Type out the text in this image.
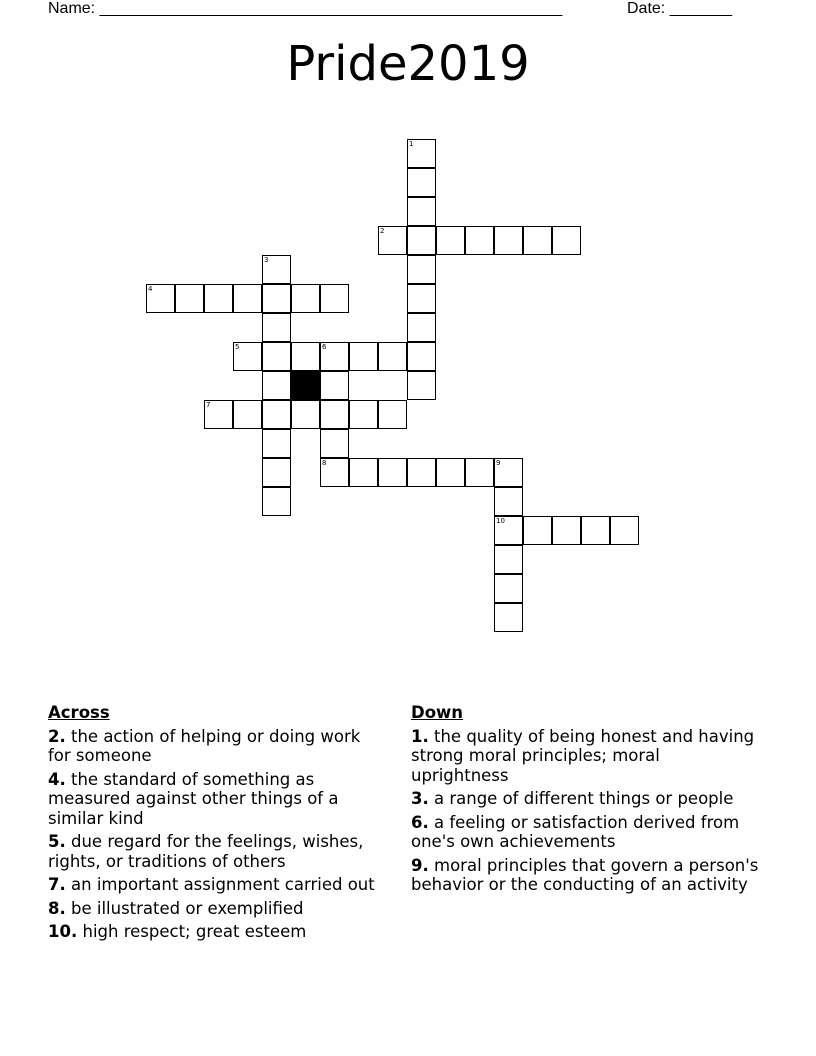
Name: ____________________________________________________	Date: _______
Pride2019
1
2
3
4
5	6
7
8	9
10
Across
2. the action of helping or doing work for someone
4. the standard of something as measured against other things of a similar kind
5. due regard for the feelings, wishes, rights, or traditions of others
7. an important assignment carried out
8. be illustrated or exemplified
10. high respect; great esteem
Down
1. the quality of being honest and having strong moral principles; moral uprightness
3. a range of different things or people
6. a feeling or satisfaction derived from one's own achievements
9. moral principles that govern a person's behavior or the conducting of an activity
